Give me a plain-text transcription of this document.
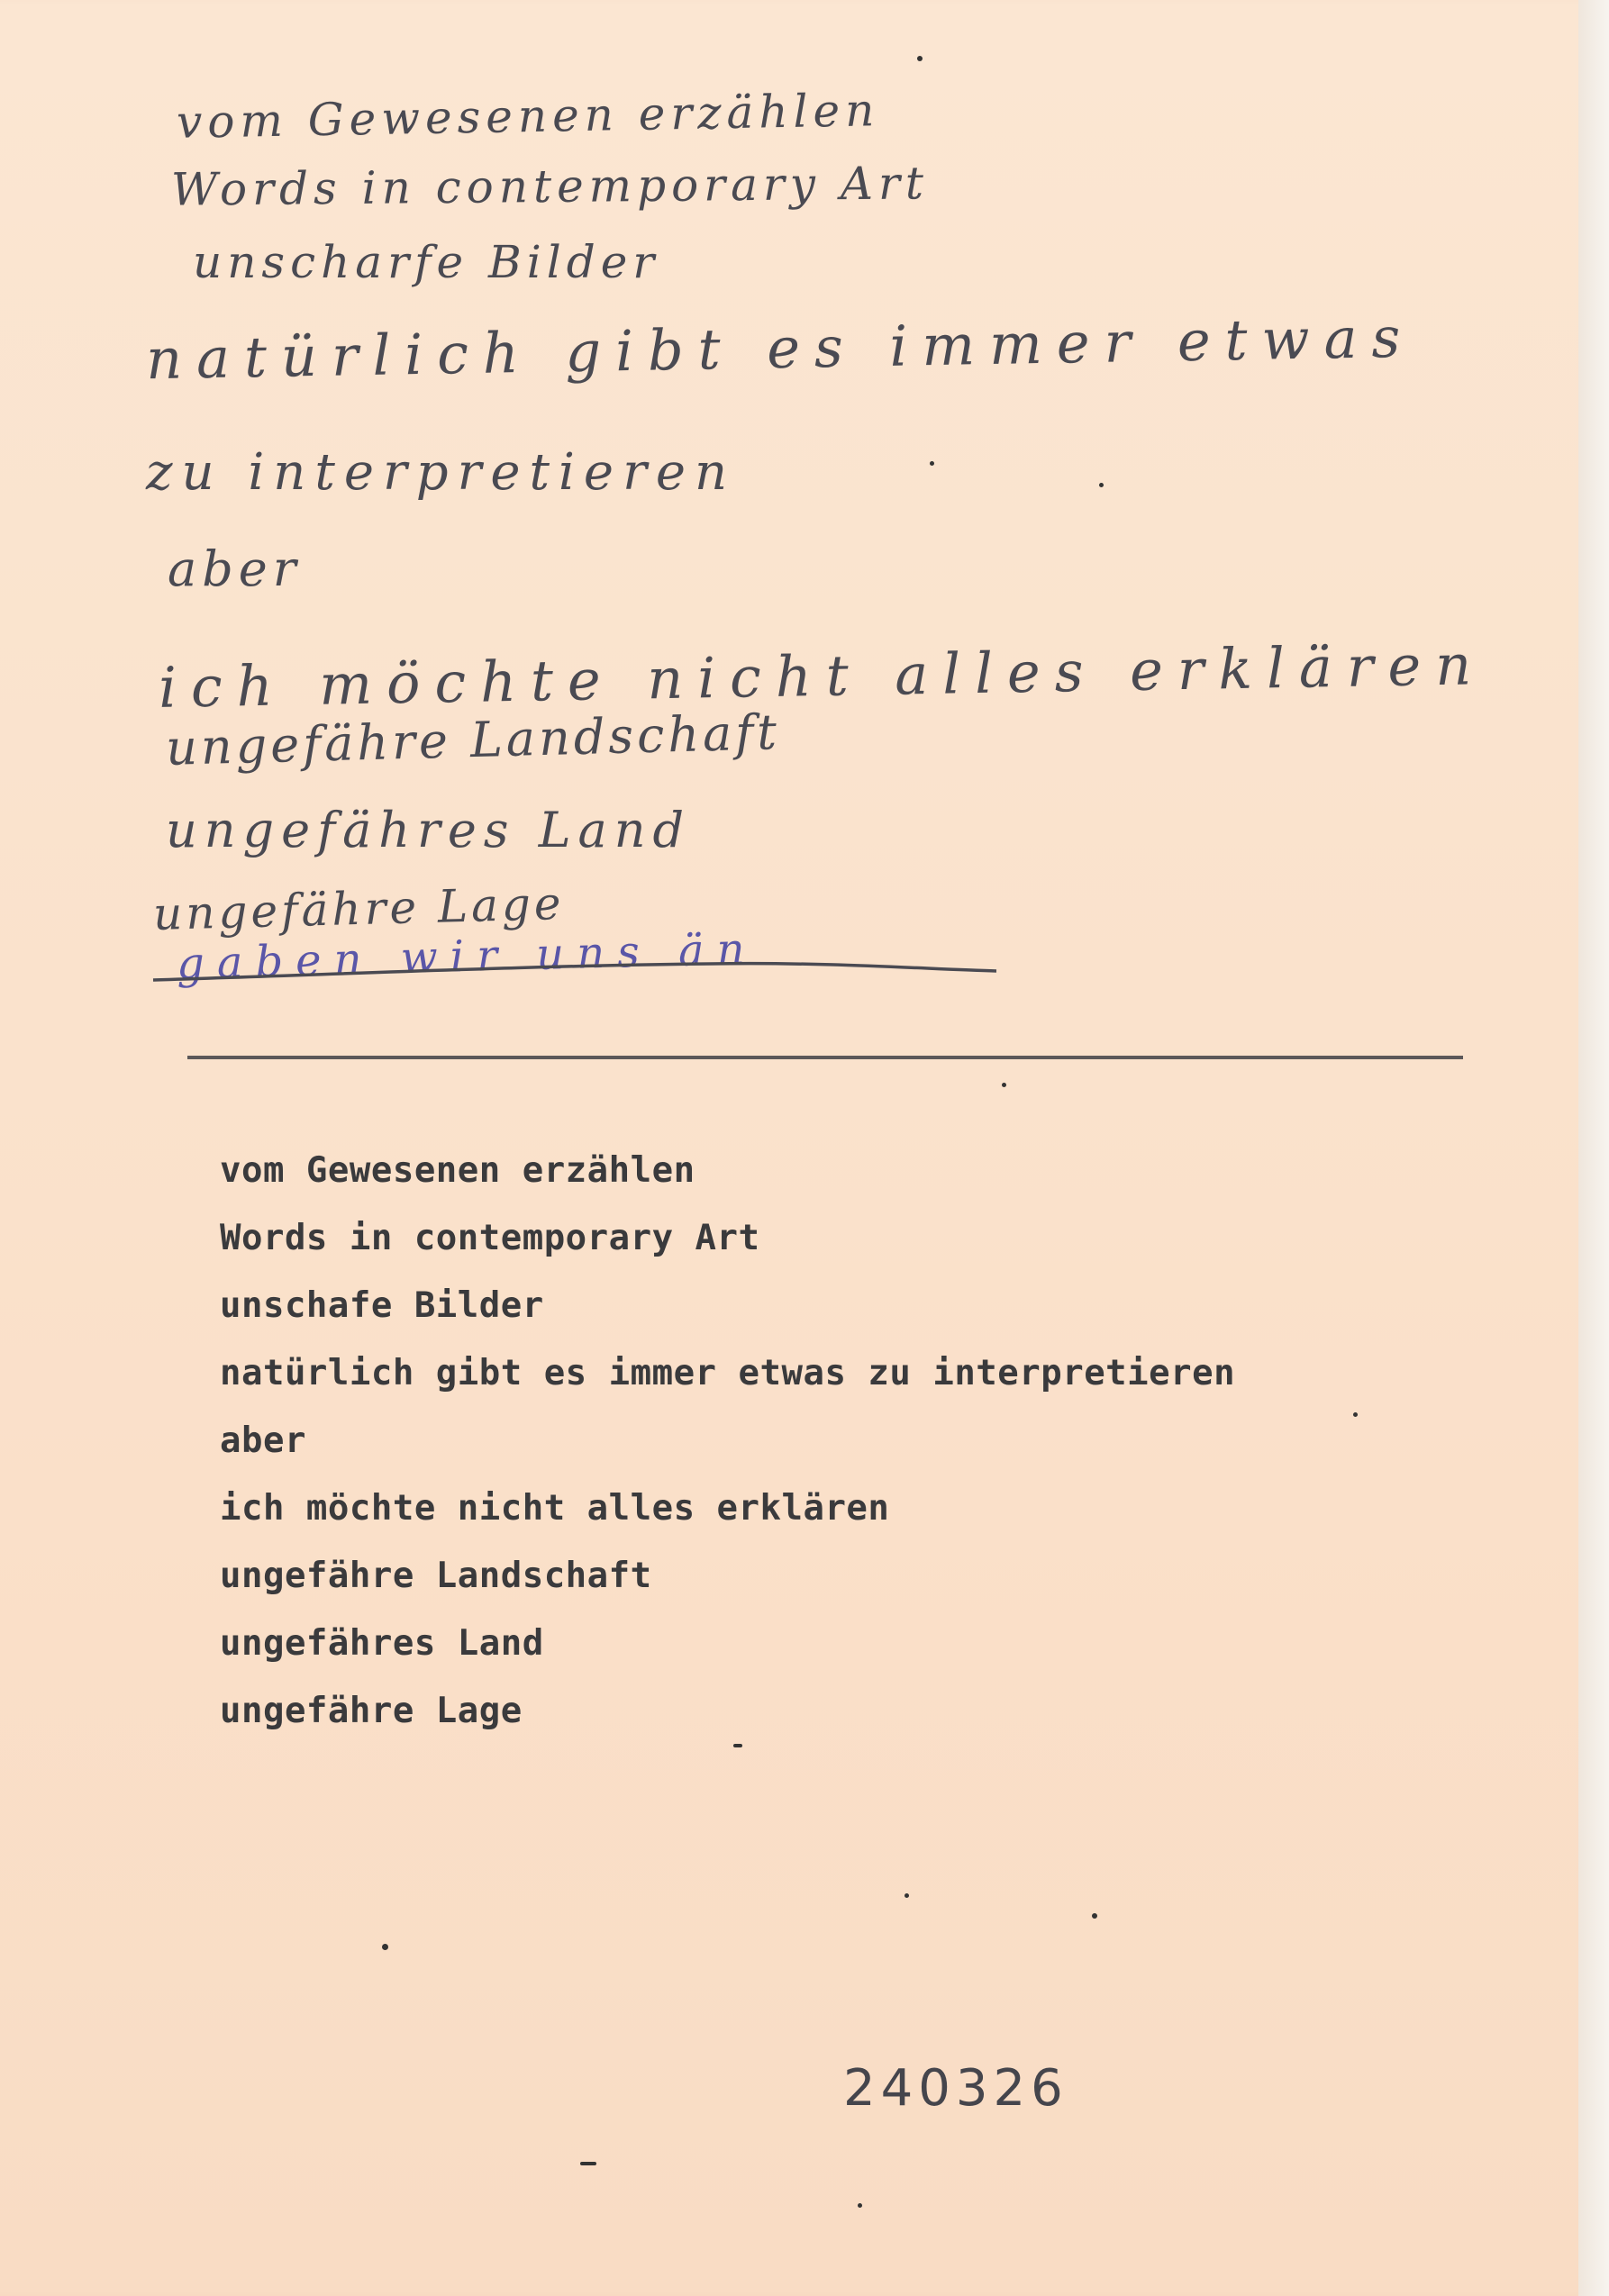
vom Gewesenen erzählen
Words in contemporary Art
unscharfe Bilder
natürlich gibt es immer etwas
zu interpretieren
aber
ich möchte nicht alles erklären
ungefähre Landschaft
ungefähres Land
ungefähre Lage
gaben wir uns än
vom Gewesenen erzählen
Words in contemporary Art
unschafe Bilder
natürlich gibt es immer etwas zu interpretieren
aber
ich möchte nicht alles erklären
ungefähre Landschaft
ungefähres Land
ungefähre Lage
240326
